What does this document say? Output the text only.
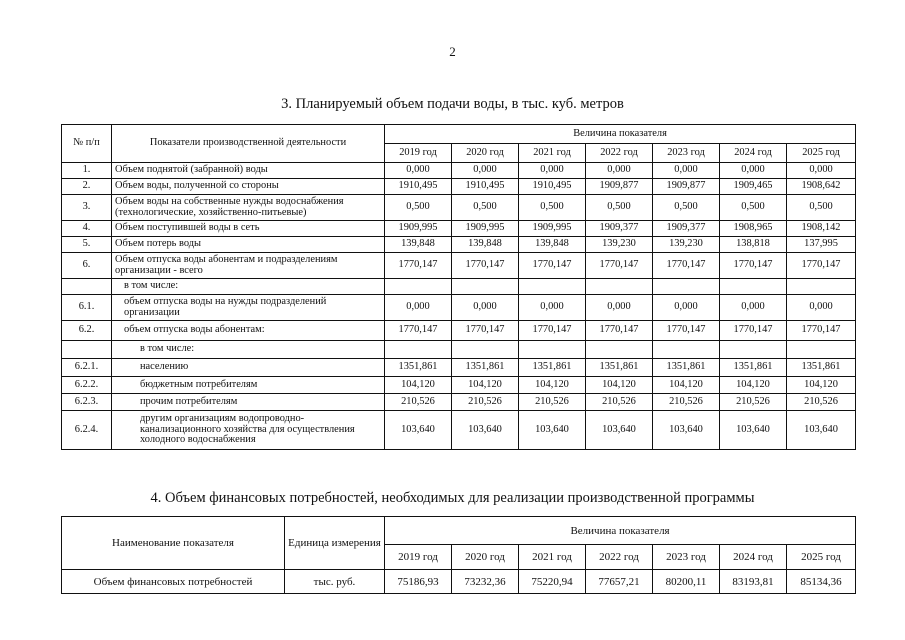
2
3. Планируемый объем подачи воды, в тыс. куб. метров
№ п/п	Показатели производственной деятельности	Величина показателя						
		2019 год	2020 год	2021 год	2022 год	2023 год	2024 год	2025 год
1.	Объем поднятой (забранной) воды	0,000	0,000	0,000	0,000	0,000	0,000	0,000
2.	Объем воды, полученной со стороны	1910,495	1910,495	1910,495	1909,877	1909,877	1909,465	1908,642
3.	Объем воды на собственные нужды водоснабжения (технологические, хозяйственно-питьевые)	0,500	0,500	0,500	0,500	0,500	0,500	0,500
4.	Объем поступившей воды в сеть	1909,995	1909,995	1909,995	1909,377	1909,377	1908,965	1908,142
5.	Объем потерь воды	139,848	139,848	139,848	139,230	139,230	138,818	137,995
6.	Объем отпуска воды абонентам и подразделениям организации - всего	1770,147	1770,147	1770,147	1770,147	1770,147	1770,147	1770,147
	в том числе:							
6.1.	объем отпуска воды на нужды подразделений организации	0,000	0,000	0,000	0,000	0,000	0,000	0,000
6.2.	объем отпуска воды абонентам:	1770,147	1770,147	1770,147	1770,147	1770,147	1770,147	1770,147
	в том числе:							
6.2.1.	населению	1351,861	1351,861	1351,861	1351,861	1351,861	1351,861	1351,861
6.2.2.	бюджетным потребителям	104,120	104,120	104,120	104,120	104,120	104,120	104,120
6.2.3.	прочим потребителям	210,526	210,526	210,526	210,526	210,526	210,526	210,526
6.2.4.	другим организациям водопроводно-канализационного хозяйства для осуществления холодного водоснабжения	103,640	103,640	103,640	103,640	103,640	103,640	103,640
4. Объем финансовых потребностей, необходимых для реализации производственной программы
Наименование показателя	Единица измерения	Величина показателя						
		2019 год	2020 год	2021 год	2022 год	2023 год	2024 год	2025 год
Объем финансовых потребностей	тыс. руб.	75186,93	73232,36	75220,94	77657,21	80200,11	83193,81	85134,36
